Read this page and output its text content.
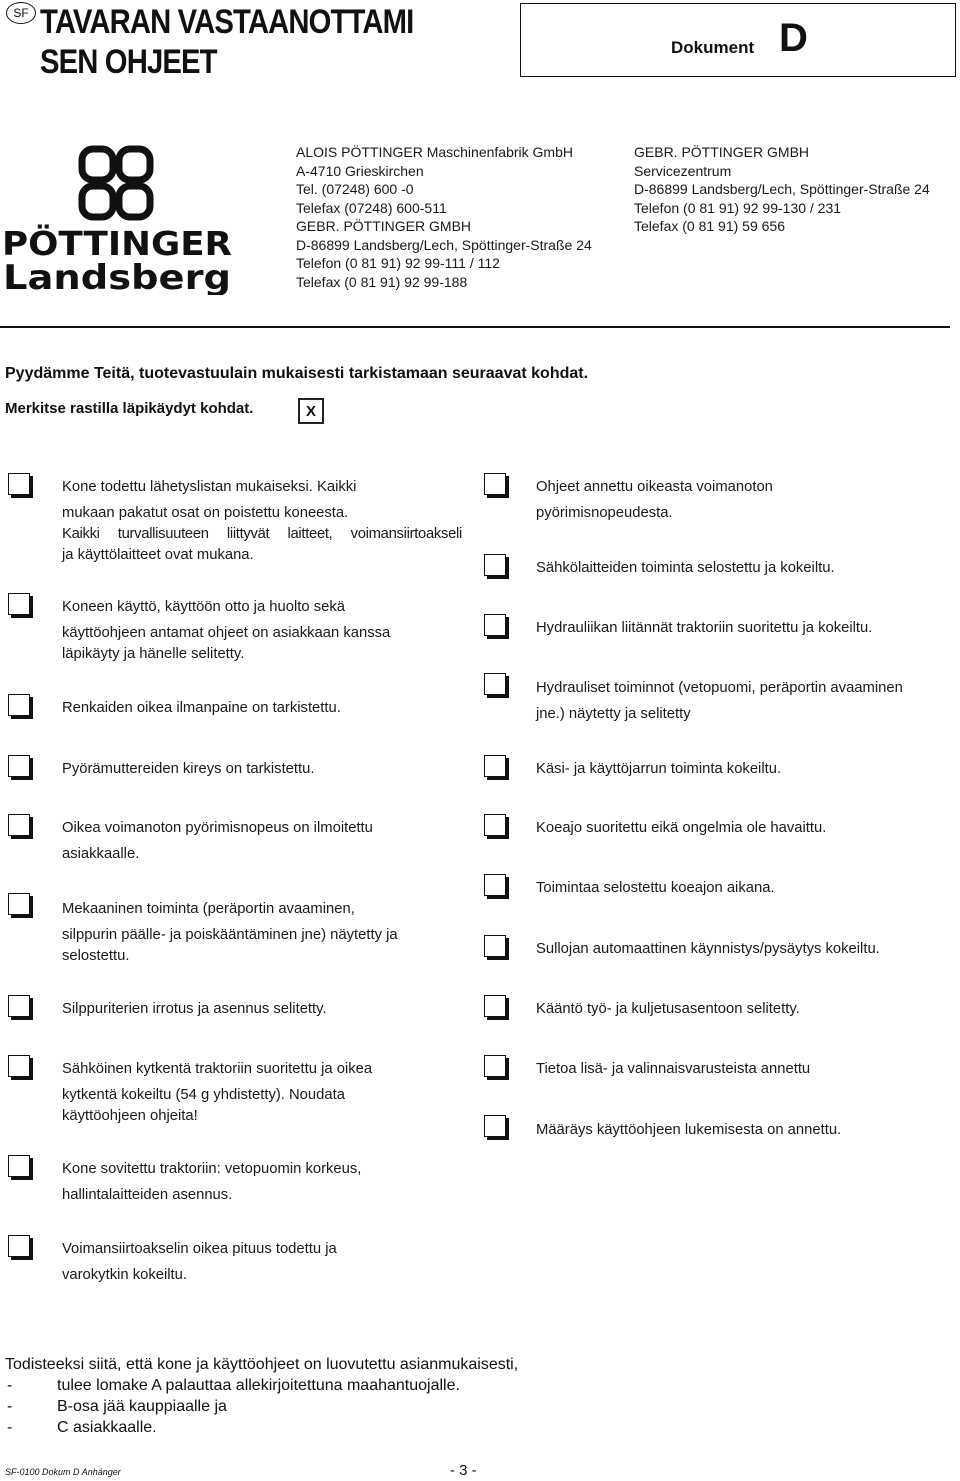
SF TAVARAN VASTAANOTTAMI
SEN OHJEET	Dokument D
PÖTTINGER
Landsberg
ALOIS PÖTTINGER Maschinenfabrik GmbH
A-4710 Grieskirchen
Tel. (07248) 600 -0
Telefax (07248) 600-511
GEBR. PÖTTINGER GMBH
D-86899 Landsberg/Lech, Spöttinger-Straße 24
Telefon (0 81 91) 92 99-111 / 112
Telefax (0 81 91) 92 99-188
GEBR. PÖTTINGER GMBH
Servicezentrum
D-86899 Landsberg/Lech, Spöttinger-Straße 24
Telefon (0 81 91) 92 99-130 / 231
Telefax (0 81 91) 59 656
Pyydämme Teitä, tuotevastuulain mukaisesti tarkistamaan seuraavat kohdat.
Merkitse rastilla läpikäydyt kohdat.	X
Kone todettu lähetyslistan mukaiseksi. Kaikki
mukaan pakatut osat on poistettu koneesta.
Kaikki turvallisuuteen liittyvät laitteet, voimansiirtoakseli
ja käyttölaitteet ovat mukana.
Koneen käyttö, käyttöön otto ja huolto sekä
käyttöohjeen antamat ohjeet on asiakkaan kanssa
läpikäyty ja hänelle selitetty.
Renkaiden oikea ilmanpaine on tarkistettu.
Pyörämuttereiden kireys on tarkistettu.
Oikea voimanoton pyörimisnopeus on ilmoitettu
asiakkaalle.
Mekaaninen toiminta (peräportin avaaminen,
silppurin päälle- ja poiskääntäminen jne) näytetty ja
selostettu.
Silppuriterien irrotus ja asennus selitetty.
Sähköinen kytkentä traktoriin suoritettu ja oikea
kytkentä kokeiltu (54 g yhdistetty). Noudata
käyttöohjeen ohjeita!
Kone sovitettu traktoriin: vetopuomin korkeus,
hallintalaitteiden asennus.
Voimansiirtoakselin oikea pituus todettu ja
varokytkin kokeiltu.
Ohjeet annettu oikeasta voimanoton
pyörimisnopeudesta.
Sähkölaitteiden toiminta selostettu ja kokeiltu.
Hydrauliikan liitännät traktoriin suoritettu ja kokeiltu.
Hydrauliset toiminnot (vetopuomi, peräportin avaaminen
jne.) näytetty ja selitetty
Käsi- ja käyttöjarrun toiminta kokeiltu.
Koeajo suoritettu eikä ongelmia ole havaittu.
Toimintaa selostettu koeajon aikana.
Sullojan automaattinen käynnistys/pysäytys kokeiltu.
Kääntö työ- ja kuljetusasentoon selitetty.
Tietoa lisä- ja valinnaisvarusteista annettu
Määräys käyttöohjeen lukemisesta on annettu.
Todisteeksi siitä, että kone ja käyttöohjeet on luovutettu asianmukaisesti,
-	tulee lomake A palauttaa allekirjoitettuna maahantuojalle.
-	B-osa jää kauppiaalle ja
-	C asiakkaalle.
SF-0100 Dokum D Anhänger	- 3 -
